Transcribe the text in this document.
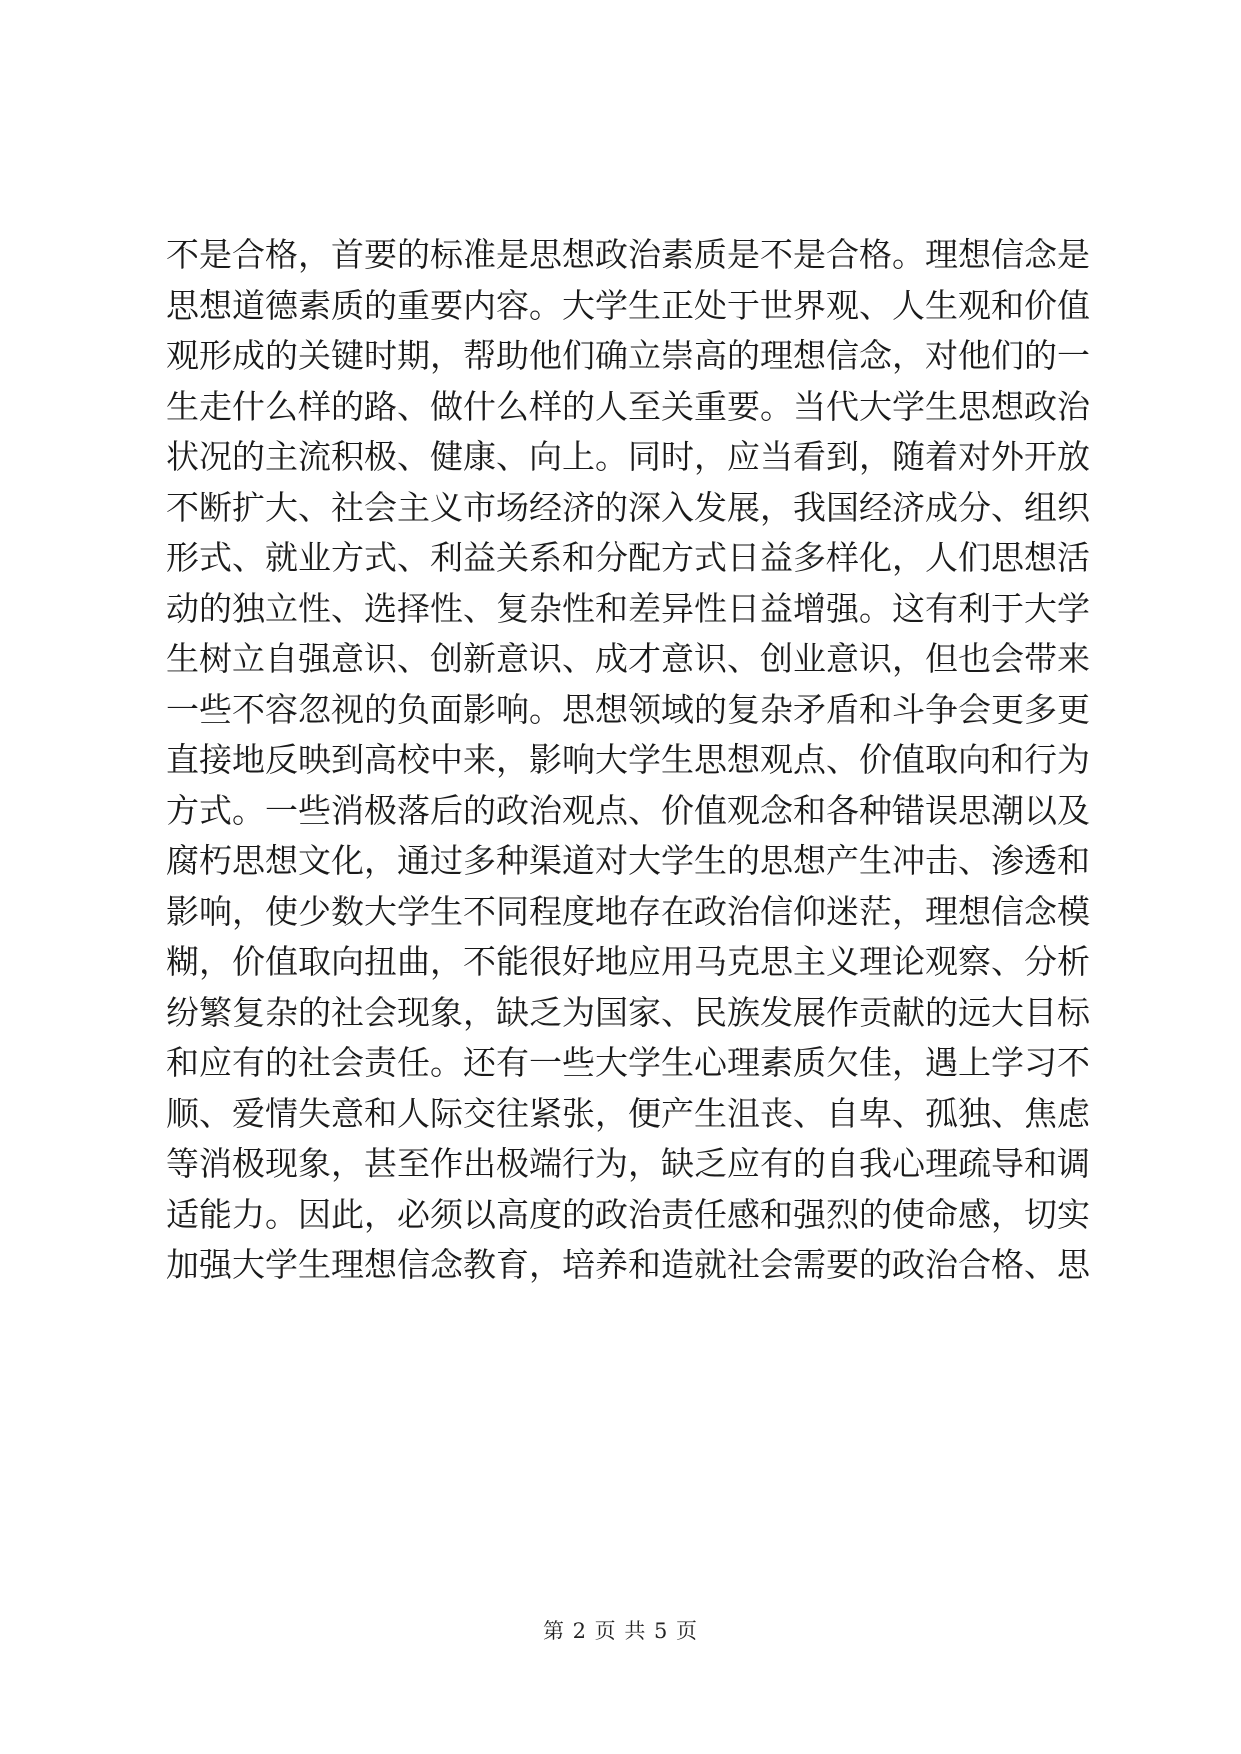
不是合格，首要的标准是思想政治素质是不是合格。理想信念是
思想道德素质的重要内容。大学生正处于世界观、人生观和价值
观形成的关键时期，帮助他们确立崇高的理想信念，对他们的一
生走什么样的路、做什么样的人至关重要。当代大学生思想政治
状况的主流积极、健康、向上。同时，应当看到，随着对外开放
不断扩大、社会主义市场经济的深入发展，我国经济成分、组织
形式、就业方式、利益关系和分配方式日益多样化，人们思想活
动的独立性、选择性、复杂性和差异性日益增强。这有利于大学
生树立自强意识、创新意识、成才意识、创业意识，但也会带来
一些不容忽视的负面影响。思想领域的复杂矛盾和斗争会更多更
直接地反映到高校中来，影响大学生思想观点、价值取向和行为
方式。一些消极落后的政治观点、价值观念和各种错误思潮以及
腐朽思想文化，通过多种渠道对大学生的思想产生冲击、渗透和
影响，使少数大学生不同程度地存在政治信仰迷茫，理想信念模
糊，价值取向扭曲，不能很好地应用马克思主义理论观察、分析
纷繁复杂的社会现象，缺乏为国家、民族发展作贡献的远大目标
和应有的社会责任。还有一些大学生心理素质欠佳，遇上学习不
顺、爱情失意和人际交往紧张，便产生沮丧、自卑、孤独、焦虑
等消极现象，甚至作出极端行为，缺乏应有的自我心理疏导和调
适能力。因此，必须以高度的政治责任感和强烈的使命感，切实
加强大学生理想信念教育，培养和造就社会需要的政治合格、思
第 2 页 共 5 页
